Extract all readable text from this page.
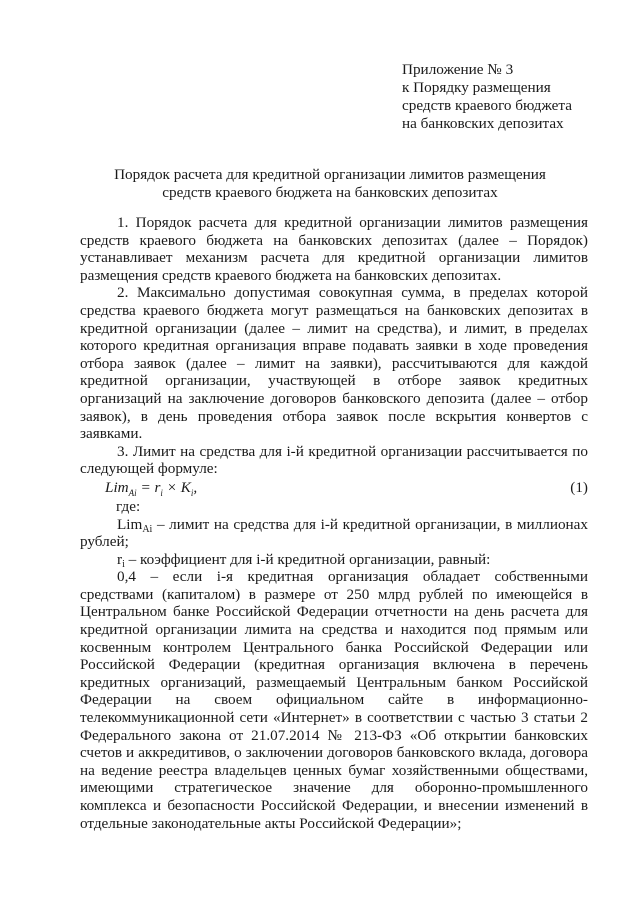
Приложение № 3
к Порядку размещения
средств краевого бюджета
на банковских депозитах
Порядок расчета для кредитной организации лимитов размещения
средств краевого бюджета на банковских депозитах

1. Порядок расчета для кредитной организации лимитов размещения средств краевого бюджета на банковских депозитах (далее – Порядок) устанавливает механизм расчета для кредитной организации лимитов размещения средств краевого бюджета на банковских депозитах.

2. Максимально допустимая совокупная сумма, в пределах которой средства краевого бюджета могут размещаться на банковских депозитах в кредитной организации (далее – лимит на средства), и лимит, в пределах которого кредитная организация вправе подавать заявки в ходе проведения отбора заявок (далее – лимит на заявки), рассчитываются для каждой кредитной организации, участвующей в отборе заявок кредитных организаций на заключение договоров банковского депозита (далее – отбор заявок), в день проведения отбора заявок после вскрытия конвертов с заявками.

3. Лимит на средства для i-й кредитной организации рассчитывается по следующей формуле:

$Lim_{Ai} = r_i \times K_i$,	(1)
где:

Lim$_{Ai}$ – лимит на средства для i-й кредитной организации, в миллионах рублей;

$r_i$ – коэффициент для i-й кредитной организации, равный:

0,4 – если i-я кредитная организация обладает собственными средствами (капиталом) в размере от 250 млрд рублей по имеющейся в Центральном банке Российской Федерации отчетности на день расчета для кредитной организации лимита на средства и находится под прямым или косвенным контролем Центрального банка Российской Федерации или Российской Федерации (кредитная организация включена в перечень кредитных организаций, размещаемый Центральным банком Российской Федерации на своем официальном сайте в информационно-телекоммуникационной сети «Интернет» в соответствии с частью 3 статьи 2 Федерального закона от 21.07.2014 № 213-ФЗ «Об открытии банковских счетов и аккредитивов, о заключении договоров банковского вклада, договора на ведение реестра владельцев ценных бумаг хозяйственными обществами, имеющими стратегическое значение для оборонно-промышленного комплекса и безопасности Российской Федерации, и внесении изменений в отдельные законодательные акты Российской Федерации»;
